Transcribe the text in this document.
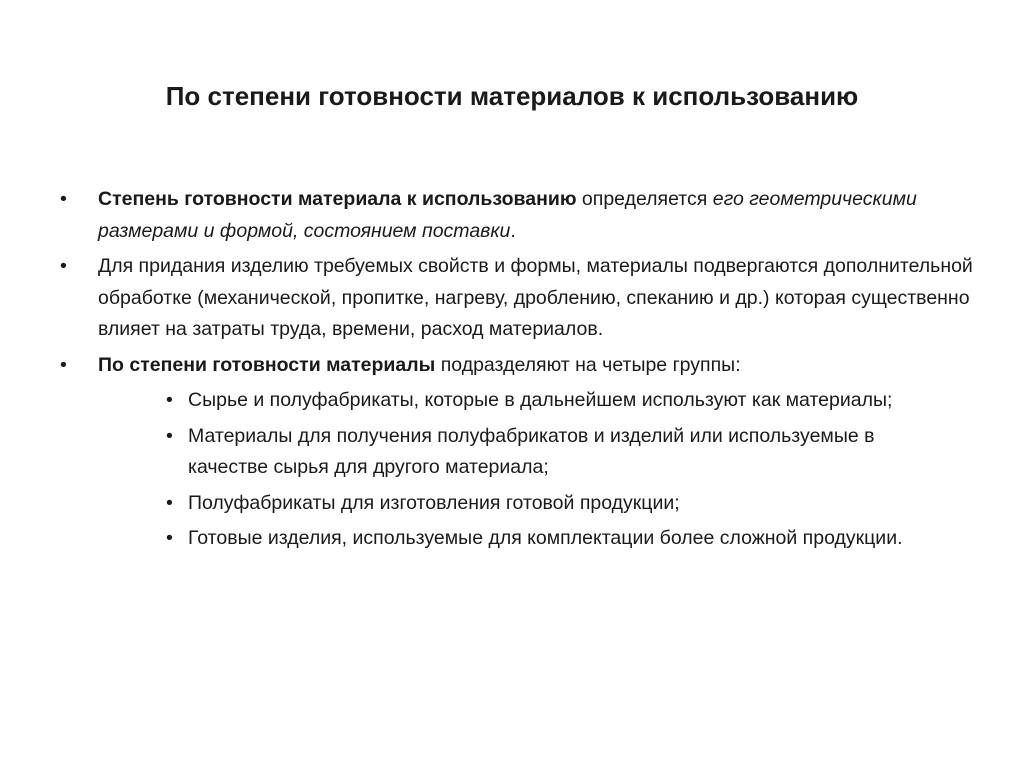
По степени готовности материалов к использованию
•	Степень готовности материала к использованию определяется его геометрическими размерами и формой, состоянием поставки.
•	Для придания изделию требуемых свойств и формы, материалы подвергаются дополнительной обработке (механической, пропитке, нагреву, дроблению, спеканию и др.) которая существенно влияет на затраты труда, времени, расход материалов.
•	По степени готовности материалы подразделяют на четыре группы:
• Сырье и полуфабрикаты, которые в дальнейшем используют как материалы;
• Материалы для получения полуфабрикатов и изделий или используемые в качестве сырья для другого материала;
• Полуфабрикаты для изготовления готовой продукции;
• Готовые изделия, используемые для комплектации более сложной продукции.
